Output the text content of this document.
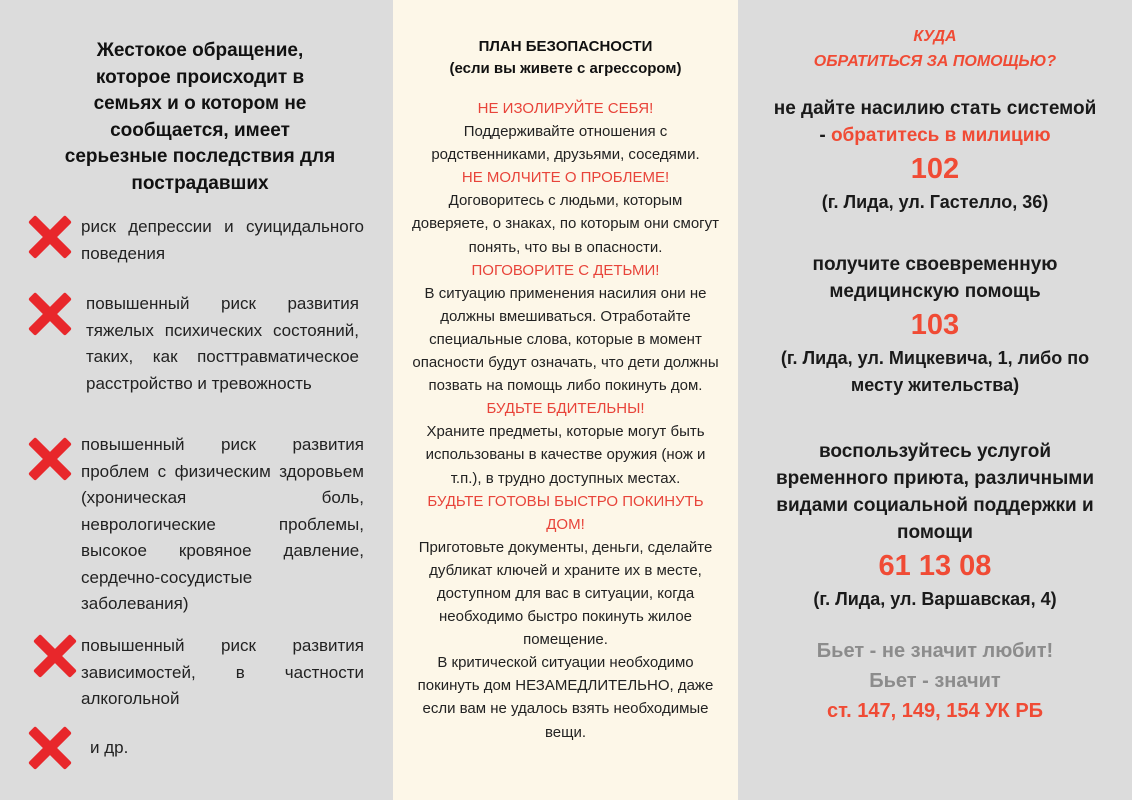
Жестокое обращение,
которое происходит в
семьях и о котором не
сообщается, имеет
серьезные последствия для
пострадавших
риск депрессии и суицидального поведения
повышенный риск развития тяжелых психических состояний, таких, как посттравматическое расстройство и тревожность
повышенный риск развития проблем с физическим здоровьем (хроническая боль, неврологические проблемы, высокое кровяное давление, сердечно-сосудистые заболевания)
повышенный риск развития зависимостей, в частности алкогольной
и др.
ПЛАН БЕЗОПАСНОСТИ
(если вы живете с агрессором)
НЕ ИЗОЛИРУЙТЕ СЕБЯ!
Поддерживайте отношения с родственниками, друзьями, соседями.
НЕ МОЛЧИТЕ О ПРОБЛЕМЕ!
Договоритесь с людьми, которым доверяете, о знаках, по которым они смогут понять, что вы в опасности.
ПОГОВОРИТЕ С ДЕТЬМИ!
В ситуацию применения насилия они не должны вмешиваться. Отработайте специальные слова, которые в момент опасности будут означать, что дети должны позвать на помощь либо покинуть дом.
БУДЬТЕ БДИТЕЛЬНЫ!
Храните предметы, которые могут быть использованы в качестве оружия (нож и т.п.), в трудно доступных местах.
БУДЬТЕ ГОТОВЫ БЫСТРО ПОКИНУТЬ ДОМ!
Приготовьте документы, деньги, сделайте дубликат ключей и храните их в месте, доступном для вас в ситуации, когда необходимо быстро покинуть жилое помещение.
В критической ситуации необходимо покинуть дом НЕЗАМЕДЛИТЕЛЬНО, даже если вам не удалось взять необходимые вещи.
КУДА
ОБРАТИТЬСЯ ЗА ПОМОЩЬЮ?
не дайте насилию стать системой
- обратитесь в милицию
102
(г. Лида, ул. Гастелло, 36)
получите своевременную
медицинскую помощь
103
(г. Лида, ул. Мицкевича, 1, либо по
месту жительства)
воспользуйтесь услугой
временного приюта, различными
видами социальной поддержки и
помощи
61 13 08
(г. Лида, ул. Варшавская, 4)
Бьет - не значит любит!
Бьет - значит
ст. 147, 149, 154 УК РБ
